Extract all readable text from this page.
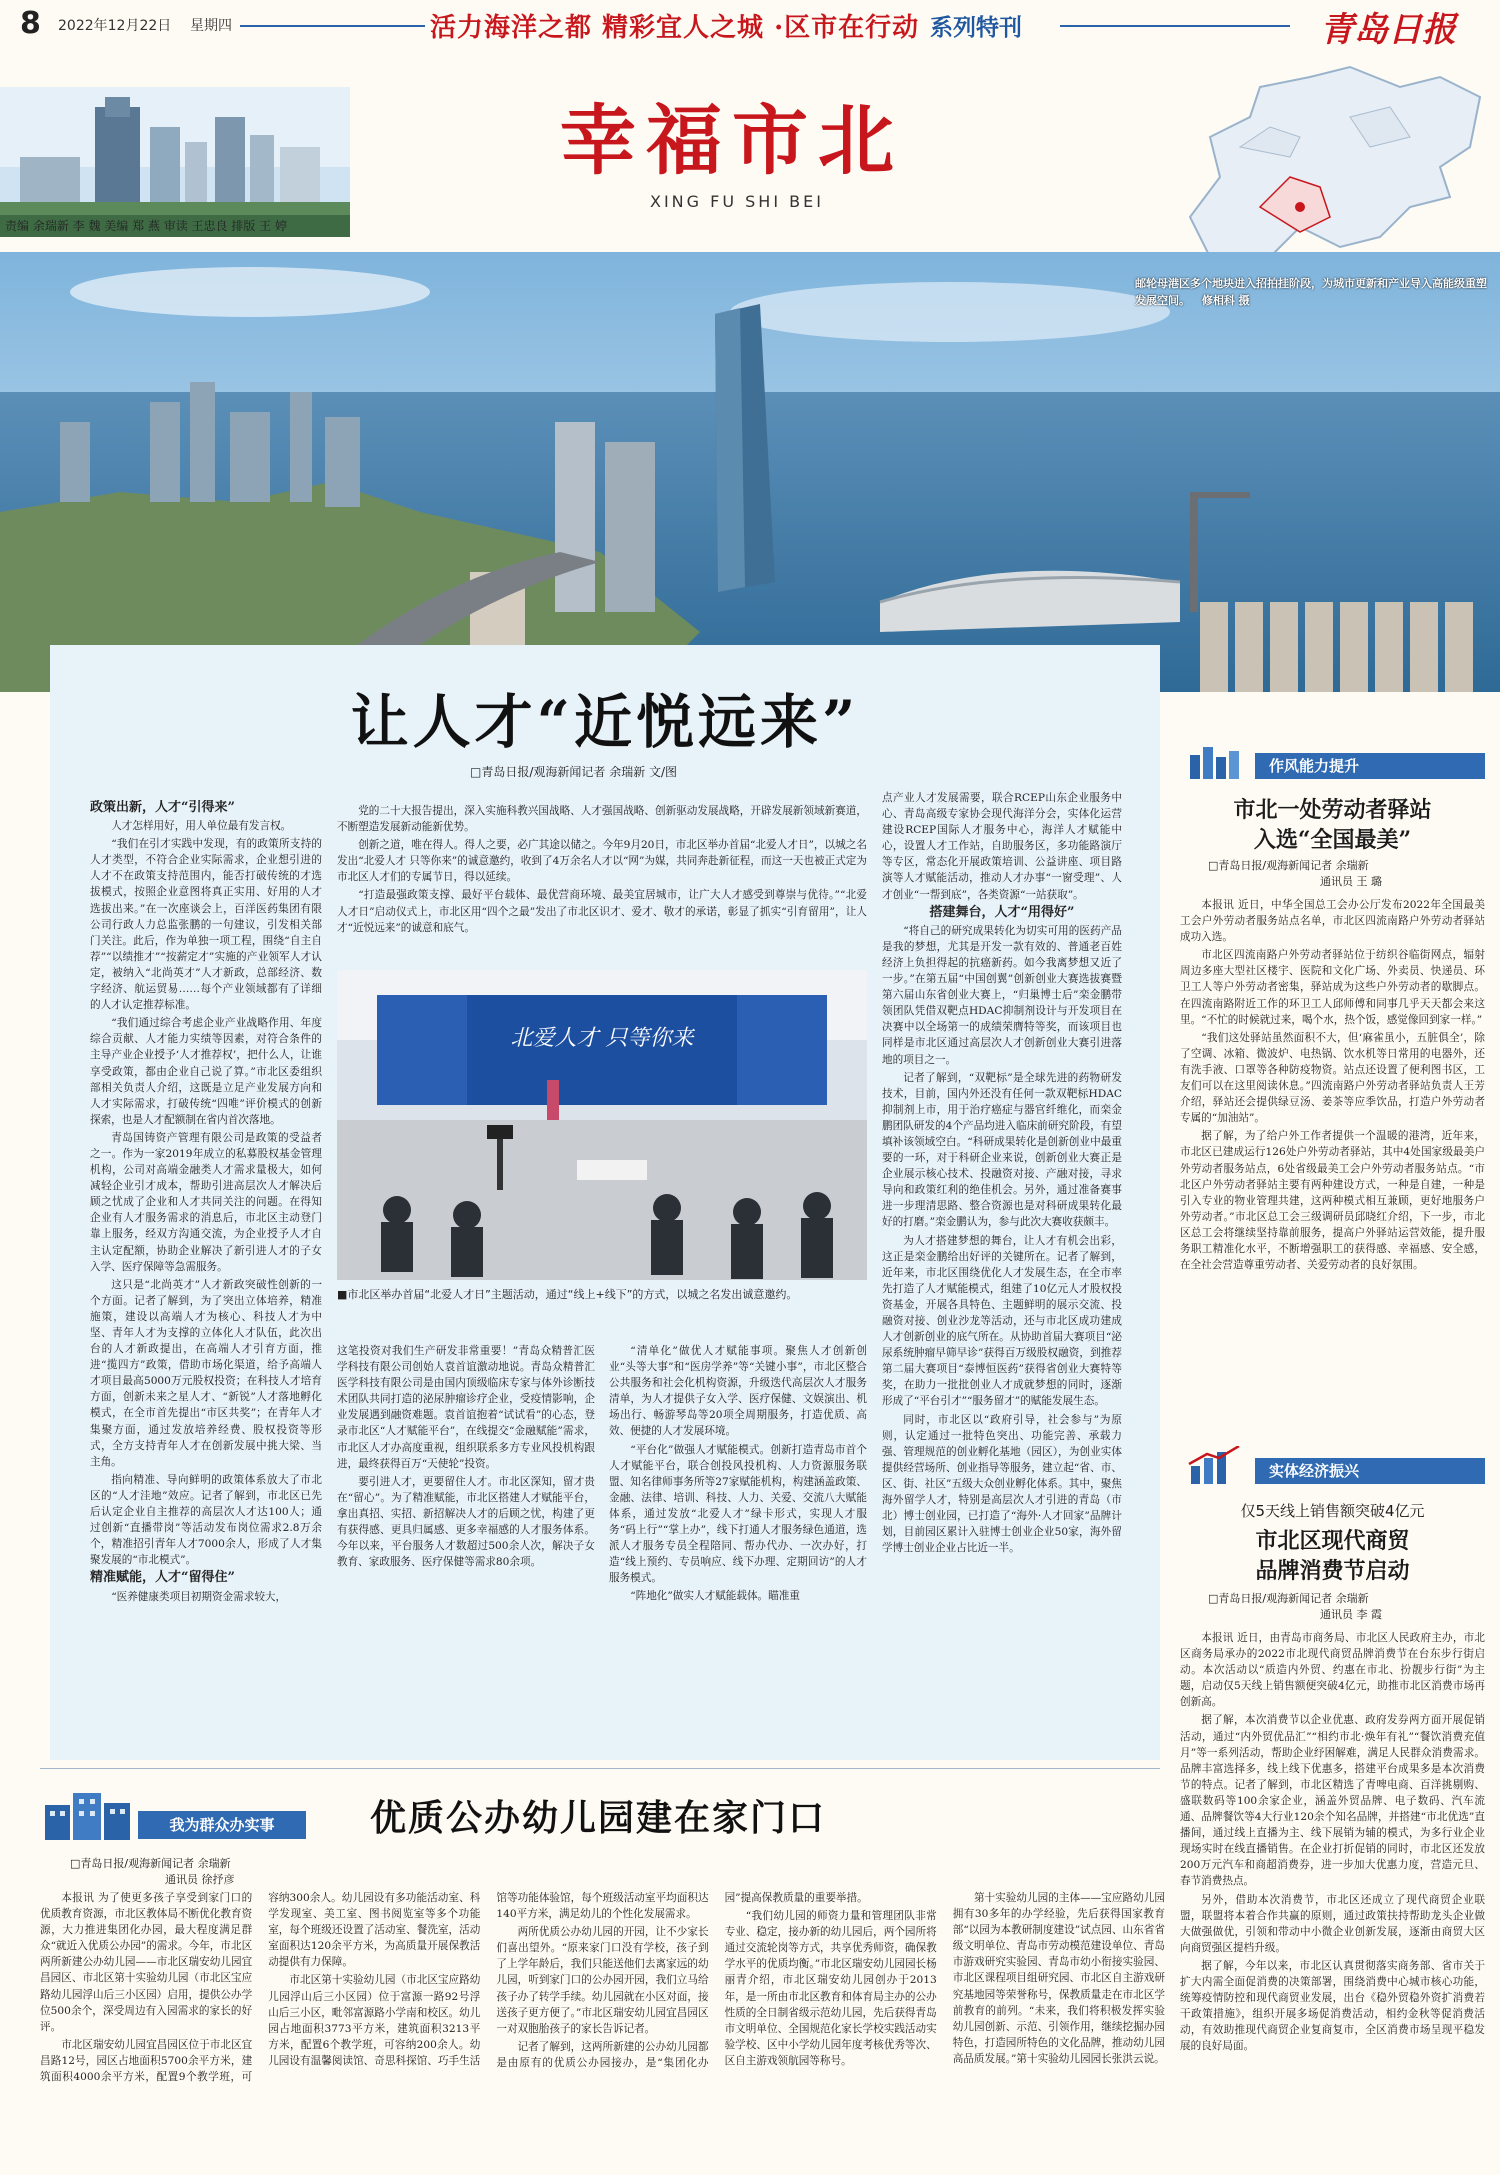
8 2022年12月22日 星期四	活力海洋之都 精彩宜人之城 ·区市在行动 系列特刊	青岛日报
幸福市北
XING FU SHI BEI
责编 余瑞新 李 魏 美编 郑 燕 审读 王忠良 排版 王 婷
邮轮母港区多个地块进入招拍挂阶段，为城市更新和产业导入高能级重塑发展空间。 修相科 摄
让人才“近悦远来”
□青岛日报/观海新闻记者 余瑞新 文/图

政策出新，人才“引得来”

人才怎样用好，用人单位最有发言权。

“我们在引才实践中发现，有的政策所支持的人才类型，不符合企业实际需求，企业想引进的人才不在政策支持范围内，能否打破传统的才选拔模式，按照企业意图将真正实用、好用的人才选拔出来。”在一次座谈会上，百洋医药集团有限公司行政人力总监张鹏的一句建议，引发相关部门关注。此后，作为单独一项工程，围绕“自主自荐”“以绩推才”“按薪定才”实施的产业领军人才认定，被纳入“北尚英才”人才新政，总部经济、数字经济、航运贸易……每个产业领域都有了详细的人才认定推荐标准。

“我们通过综合考虑企业产业战略作用、年度综合贡献、人才能力实绩等因素，对符合条件的主导产业企业授予‘人才推荐权’，把什么人，让谁享受政策，都由企业自己说了算。”市北区委组织部相关负责人介绍，这既是立足产业发展方向和人才实际需求，打破传统“四唯”评价模式的创新探索，也是人才配额制在省内首次落地。

青岛国铸资产管理有限公司是政策的受益者之一。作为一家2019年成立的私募股权基金管理机构，公司对高端金融类人才需求量极大，如何减轻企业引才成本，帮助引进高层次人才解决后顾之忧成了企业和人才共同关注的问题。在得知企业有人才服务需求的消息后，市北区主动登门靠上服务，经双方沟通交流，为企业授予人才自主认定配额，协助企业解决了新引进人才的子女入学、医疗保障等急需服务。

这只是“北尚英才”人才新政突破性创新的一个方面。记者了解到，为了突出立体培养，精准施策，建设以高端人才为核心、科技人才为中坚、青年人才为支撑的立体化人才队伍，此次出台的人才新政提出，在高端人才引育方面，推进“揽四方”政策，借助市场化渠道，给予高端人才项目最高5000万元股权投资；在科技人才培育方面，创新未来之星人才、“新锐”人才落地孵化模式，在全市首先提出“市区共奖”；在青年人才集聚方面，通过发放培养经费、股权投资等形式，全方支持青年人才在创新发展中挑大梁、当主角。

指向精准、导向鲜明的政策体系放大了市北区的“人才洼地”效应。记者了解到，市北区已先后认定企业自主推荐的高层次人才达100人；通过创新“直播带岗”等活动发布岗位需求2.8万余个，精准招引青年人才7000余人，形成了人才集聚发展的“市北模式”。

精准赋能，人才“留得住”

“医养健康类项目初期资金需求较大，

党的二十大报告提出，深入实施科教兴国战略、人才强国战略、创新驱动发展战略，开辟发展新领域新赛道，不断塑造发展新动能新优势。

创新之道，唯在得人。得人之要，必广其途以储之。今年9月20日，市北区举办首届“北爱人才日”，以城之名发出“北爱人才 只等你来”的诚意邀约，收到了4万余名人才以“网”为媒，共同奔赴新征程，而这一天也被正式定为市北区人才们的专属节日，得以延续。

“打造最强政策支撑、最好平台载体、最优营商环境、最美宜居城市，让广大人才感受到尊崇与优待。”“北爱人才日”启动仪式上，市北区用“四个之最”发出了市北区识才、爱才、敬才的承诺，彰显了抓实“引育留用”，让人才“近悦远来”的诚意和底气。

北爱人才 只等你来
■市北区举办首届“北爱人才日”主题活动，通过“线上+线下”的方式，以城之名发出诚意邀约。

这笔投资对我们生产研发非常重要！”青岛众精普汇医学科技有限公司创始人袁首谊激动地说。青岛众精普汇医学科技有限公司是由国内顶级临床专家与体外诊断技术团队共同打造的泌尿肿瘤诊疗企业，受疫情影响，企业发展遇到融资难题。袁首谊抱着“试试看”的心态，登录市北区“人才赋能平台”，在线提交“金融赋能”需求，市北区人才办高度重视，组织联系多方专业风投机构跟进，最终获得百万“天使轮”投资。

要引进人才，更要留住人才。市北区深知，留才贵在“留心”。为了精准赋能，市北区搭建人才赋能平台，拿出真招、实招、新招解决人才的后顾之忧，构建了更有获得感、更具归属感、更多幸福感的人才服务体系。今年以来，平台服务人才数超过500余人次，解决子女教育、家政服务、医疗保健等需求80余项。

“清单化”做优人才赋能事项。聚焦人才创新创业“头等大事”和“医房学养”等“关键小事”，市北区整合公共服务和社会化机构资源，升级迭代高层次人才服务清单，为人才提供子女入学、医疗保健、文娱演出、机场出行、畅游琴岛等20项全周期服务，打造优质、高效、便捷的人才发展环境。

“平台化”做强人才赋能模式。创新打造青岛市首个人才赋能平台，联合创投风投机构、人力资源服务联盟、知名律师事务所等27家赋能机构，构建涵盖政策、金融、法律、培训、科技、人力、关爱、交流八大赋能体系，通过发放“北爱人才”绿卡形式，实现人才服务“码上行”“掌上办”，线下打通人才服务绿色通道，选派人才服务专员全程陪同、帮办代办、一次办好，打造“线上预约、专员响应、线下办理、定期回访”的人才服务模式。

“阵地化”做实人才赋能载体。瞄准重

点产业人才发展需要，联合RCEP山东企业服务中心、青岛高级专家协会现代海洋分会，实体化运营建设RCEP国际人才服务中心，海洋人才赋能中心，设置人才工作站，自助服务区，多功能路演厅等专区，常态化开展政策培训、公益讲座、项目路演等人才赋能活动，推动人才办事“一窗受理”、人才创业“一帮到底”，各类资源“一站获取”。

搭建舞台，人才“用得好”

“将自己的研究成果转化为切实可用的医药产品是我的梦想，尤其是开发一款有效的、普通老百姓经济上负担得起的抗癌新药。如今我离梦想又近了一步。”在第五届“中国创翼”创新创业大赛选拔赛暨第六届山东省创业大赛上，“归巢博士后”栾金鹏带领团队凭借双靶点HDAC抑制剂设计与开发项目在决赛中以全场第一的成绩荣膺特等奖，而该项目也同样是市北区通过高层次人才创新创业大赛引进落地的项目之一。

记者了解到，“双靶标”是全球先进的药物研发技术，目前，国内外还没有任何一款双靶标HDAC抑制剂上市，用于治疗癌症与器官纤维化，而栾金鹏团队研发的4个产品均进入临床前研究阶段，有望填补该领域空白。“科研成果转化是创新创业中最重要的一环，对于科研企业来说，创新创业大赛正是企业展示核心技术、投融资对接、产融对接，寻求导向和政策红利的绝佳机会。另外，通过准备赛事进一步理清思路、整合资源也是对科研成果转化最好的打磨。”栾金鹏认为，参与此次大赛收获颇丰。

为人才搭建梦想的舞台，让人才有机会出彩，这正是栾金鹏给出好评的关键所在。记者了解到，近年来，市北区围绕优化人才发展生态，在全市率先打造了人才赋能模式，组建了10亿元人才股权投资基金，开展各具特色、主题鲜明的展示交流、投融资对接、创业沙龙等活动，还与市北区成功建成人才创新创业的底气所在。从协助首届大赛项目“泌尿系统肿瘤早筛早诊”获得百万级股权融资，到推荐第二届大赛项目“泰博恒医药”获得省创业大赛特等奖，在助力一批批创业人才成就梦想的同时，逐渐形成了“平台引才”“服务留才”的赋能发展生态。

同时，市北区以“政府引导，社会参与”为原则，认定通过一批特色突出、功能完善、承载力强、管理规范的创业孵化基地（园区），为创业实体提供经营场所、创业指导等服务，建立起“省、市、区、街、社区”五级大众创业孵化体系。其中，聚焦海外留学人才，特别是高层次人才引进的青岛（市北）博士创业园，已打造了“海外·人才回家”品牌计划，目前园区累计入驻博士创业企业50家，海外留学博士创业企业占比近一半。

作风能力提升
市北一处劳动者驿站
入选“全国最美”
□青岛日报/观海新闻记者 余瑞新
通讯员 王 璐

本报讯 近日，中华全国总工会办公厅发布2022年全国最美工会户外劳动者服务站点名单，市北区四流南路户外劳动者驿站成功入选。

市北区四流南路户外劳动者驿站位于纺织谷临街网点，辐射周边多座大型社区楼宇、医院和文化广场、外卖员、快递员、环卫工人等户外劳动者密集，驿站成为这些户外劳动者的歇脚点。在四流南路附近工作的环卫工人邱师傅和同事几乎天天都会来这里。“不忙的时候就过来，喝个水，热个饭，感觉像回到家一样。”

“我们这处驿站虽然面积不大，但‘麻雀虽小，五脏俱全’，除了空调、冰箱、微波炉、电热锅、饮水机等日常用的电器外，还有洗手液、口罩等各种防疫物资。站点还设置了便利图书区，工友们可以在这里阅读休息。”四流南路户外劳动者驿站负责人王芳介绍，驿站还会提供绿豆汤、姜茶等应季饮品，打造户外劳动者专属的“加油站”。

据了解，为了给户外工作者提供一个温暖的港湾，近年来，市北区已建成运行126处户外劳动者驿站，其中4处国家级最美户外劳动者服务站点，6处省级最美工会户外劳动者服务站点。“市北区户外劳动者驿站主要有两种建设方式，一种是自建，一种是引入专业的物业管理共建，这两种模式相互兼顾，更好地服务户外劳动者。”市北区总工会三级调研员邱晓红介绍，下一步，市北区总工会将继续坚持靠前服务，提高户外驿站运营效能，提升服务职工精准化水平，不断增强职工的获得感、幸福感、安全感，在全社会营造尊重劳动者、关爱劳动者的良好氛围。

实体经济振兴
仅5天线上销售额突破4亿元
市北区现代商贸
品牌消费节启动
□青岛日报/观海新闻记者 余瑞新
通讯员 李 霞

本报讯 近日，由青岛市商务局、市北区人民政府主办，市北区商务局承办的2022市北现代商贸品牌消费节在台东步行街启动。本次活动以“质造内外贸、约惠在市北、扮靓步行街”为主题，启动仅5天线上销售额便突破4亿元，助推市北区消费市场再创新高。

据了解，本次消费节以企业优惠、政府发券两方面开展促销活动，通过“内外贸优品汇”“相约市北·焕年有礼”“餐饮消费充值月”等一系列活动，帮助企业纾困解难，满足人民群众消费需求。品牌丰富选择多，线上线下优惠多，搭建平台成果多是本次消费节的特点。记者了解到，市北区精选了青啤电商、百洋挑剔购、盛联数码等100余家企业，涵盖外贸品牌、电子数码、汽车流通、品牌餐饮等4大行业120余个知名品牌，并搭建“市北优选”直播间，通过线上直播为主、线下展销为辅的模式，为多行业企业现场实时在线直播销售。在企业打折促销的同时，市北区还发放200万元汽车和商超消费券，进一步加大优惠力度，营造元旦、春节消费热点。

另外，借助本次消费节，市北区还成立了现代商贸企业联盟，联盟将本着合作共赢的原则，通过政策扶持帮助龙头企业做大做强做优，引领和带动中小微企业创新发展，逐渐由商贸大区向商贸强区提档升级。

据了解，今年以来，市北区认真贯彻落实商务部、省市关于扩大内需全面促消费的决策部署，围绕消费中心城市核心功能，统筹疫情防控和现代商贸业发展，出台《稳外贸稳外资扩消费若干政策措施》，组织开展多场促消费活动，相约金秋等促消费活动，有效助推现代商贸企业复商复市，全区消费市场呈现平稳发展的良好局面。

我为群众办实事	优质公办幼儿园建在家门口
□青岛日报/观海新闻记者 余瑞新
通讯员 徐抒彦

本报讯 为了使更多孩子享受到家门口的优质教育资源，市北区教体局不断优化教育资源，大力推进集团化办园，最大程度满足群众“就近入优质公办园”的需求。今年，市北区两所新建公办幼儿园——市北区瑞安幼儿园宜昌园区、市北区第十实验幼儿园（市北区宝应路幼儿园浮山后三小区园）启用，提供公办学位500余个，深受周边有入园需求的家长的好评。

市北区瑞安幼儿园宜昌园区位于市北区宜昌路12号，园区占地面积5700余平方米，建筑面积4000余平方米，配置9个教学班，可容纳300余人。幼儿园设有多功能活动室、科学发现室、美工室、图书阅览室等多个功能室，每个班级还设置了活动室、餐洗室，活动室面积达120余平方米，为高质量开展保教活动提供有力保障。

市北区第十实验幼儿园（市北区宝应路幼儿园浮山后三小区园）位于富源一路92号浮山后三小区，毗邻富源路小学南和校区。幼儿园占地面积3773平方米，建筑面积3213平方米，配置6个教学班，可容纳200余人。幼儿园设有温馨阅读馆、奇思科探馆、巧手生活馆等功能体验馆，每个班级活动室平均面积达140平方米，满足幼儿的个性化发展需求。

两所优质公办幼儿园的开园，让不少家长们喜出望外。“原来家门口没有学校，孩子到了上学年龄后，我们只能送他们去离家远的幼儿园，听到家门口的公办园开园，我们立马给孩子办了转学手续。幼儿园就在小区对面，接送孩子更方便了。”市北区瑞安幼儿园宜昌园区一对双胞胎孩子的家长告诉记者。

记者了解到，这两所新建的公办幼儿园都是由原有的优质公办园接办，是“集团化办园”提高保教质量的重要举措。

“我们幼儿园的师资力量和管理团队非常专业、稳定，接办新的幼儿园后，两个园所将通过交流轮岗等方式，共享优秀师资，确保教学水平的优质均衡。”市北区瑞安幼儿园园长杨丽青介绍，市北区瑞安幼儿园创办于2013年，是一所由市北区教育和体育局主办的公办性质的全日制省级示范幼儿园，先后获得青岛市文明单位、全国规范化家长学校实践活动实验学校、区中小学幼儿园年度考核优秀等次、区自主游戏领航园等称号。

第十实验幼儿园的主体——宝应路幼儿园拥有30多年的办学经验，先后获得国家教育部“以园为本教研制度建设”试点园、山东省省级文明单位、青岛市劳动模范建设单位、青岛市游戏研究实验园、青岛市幼小衔接实验园、市北区课程项目组研究园、市北区自主游戏研究基地园等荣誉称号，保教质量走在市北区学前教育的前列。“未来，我们将积极发挥实验幼儿园创新、示范、引领作用，继续挖掘办园特色，打造园所特色的文化品牌，推动幼儿园高品质发展。”第十实验幼儿园园长张洪云说。
